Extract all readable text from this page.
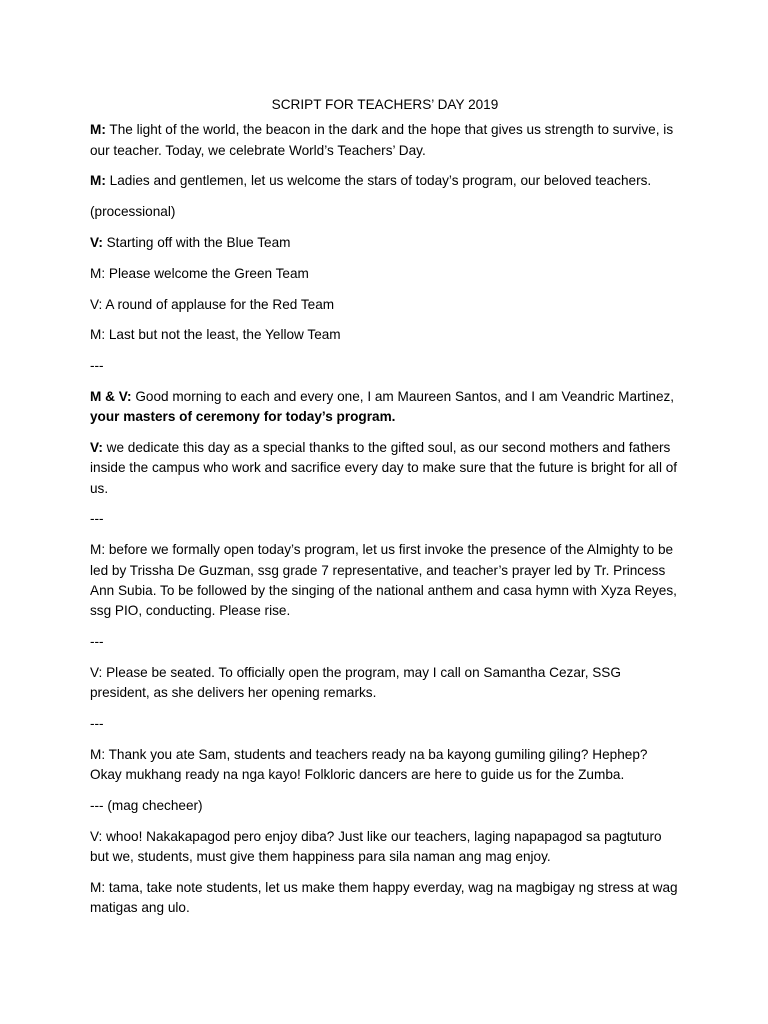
SCRIPT FOR TEACHERS’ DAY 2019
M: The light of the world, the beacon in the dark and the hope that gives us strength to survive, is our teacher. Today, we celebrate World’s Teachers’ Day.
M: Ladies and gentlemen, let us welcome the stars of today’s program, our beloved teachers.
(processional)
V: Starting off with the Blue Team
M: Please welcome the Green Team
V: A round of applause for the Red Team
M: Last but not the least, the Yellow Team
---
M & V: Good morning to each and every one, I am Maureen Santos, and I am Veandric Martinez, your masters of ceremony for today’s program.
V: we dedicate this day as a special thanks to the gifted soul, as our second mothers and fathers inside the campus who work and sacrifice every day to make sure that the future is bright for all of us.
---
M: before we formally open today’s program, let us first invoke the presence of the Almighty to be led by Trissha De Guzman, ssg grade 7 representative, and teacher’s prayer led by Tr. Princess Ann Subia. To be followed by the singing of the national anthem and casa hymn with Xyza Reyes, ssg PIO, conducting. Please rise.
---
V: Please be seated. To officially open the program, may I call on Samantha Cezar, SSG president, as she delivers her opening remarks.
---
M: Thank you ate Sam, students and teachers ready na ba kayong gumiling giling? Hephep? Okay mukhang ready na nga kayo! Folkloric dancers are here to guide us for the Zumba.
--- (mag checheer)
V: whoo! Nakakapagod pero enjoy diba? Just like our teachers, laging napapagod sa pagtuturo but we, students, must give them happiness para sila naman ang mag enjoy.
M: tama, take note students, let us make them happy everday, wag na magbigay ng stress at wag matigas ang ulo.
